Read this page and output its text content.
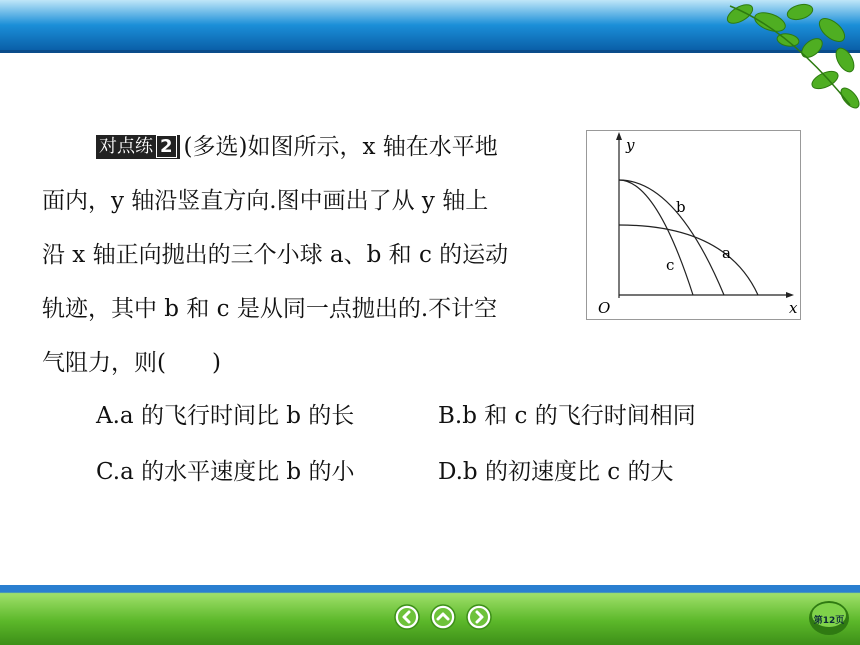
对点练 2 (多选)如图所示，x 轴在水平地
面内，y 轴沿竖直方向.图中画出了从 y 轴上
沿 x 轴正向抛出的三个小球 a、b 和 c 的运动
轨迹，其中 b 和 c 是从同一点抛出的.不计空
气阻力，则(　　)
y
x
O
b
a
c
A.a 的飞行时间比 b 的长	B.b 和 c 的飞行时间相同
C.a 的水平速度比 b 的小	D.b 的初速度比 c 的大
第12页
